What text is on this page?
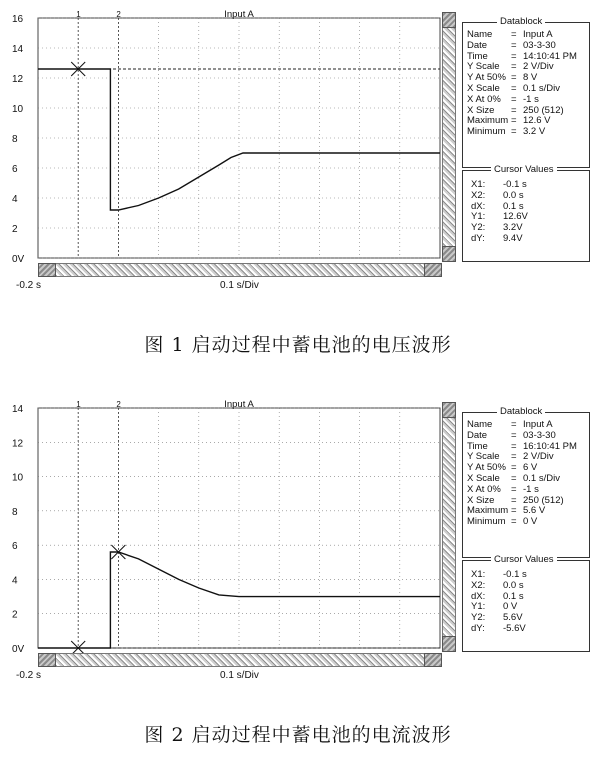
16
14
12
10
8
6
4
2
0V
Input A
1	2
-0.2 s	0.1 s/Div
Datablock
Name	= Input A
Date	= 03-3-30
Time	= 14:10:41 PM
Y Scale	= 2 V/Div
Y At 50% = 8 V
X Scale	= 0.1 s/Div
X At 0%	= -1 s
X Size	= 250 (512)
Maximum = 12.6 V
Minimum = 3.2 V
Cursor Values
X1:	-0.1 s
X2:	0.0 s
dX:	0.1 s
Y1:	12.6V
Y2:	3.2V
dY:	9.4V
图 1 启动过程中蓄电池的电压波形
14
12
10
8
6
4
2
0V
Input A
1	2
-0.2 s	0.1 s/Div
Datablock
Name	= Input A
Date	= 03-3-30
Time	= 16:10:41 PM
Y Scale	= 2 V/Div
Y At 50% = 6 V
X Scale	= 0.1 s/Div
X At 0%	= -1 s
X Size	= 250 (512)
Maximum = 5.6 V
Minimum = 0 V
Cursor Values
X1:	-0.1 s
X2:	0.0 s
dX:	0.1 s
Y1:	0 V
Y2:	5.6V
dY:	-5.6V
图 2 启动过程中蓄电池的电流波形
